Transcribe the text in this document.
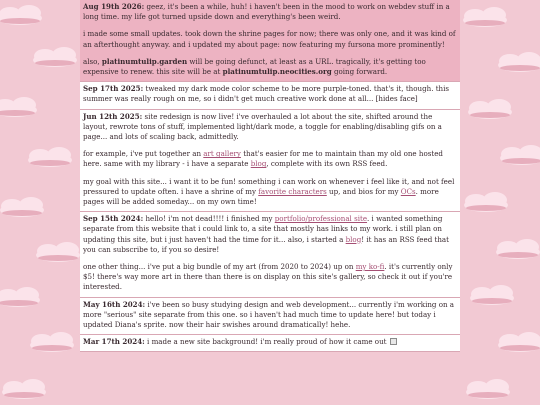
Aug 19th 2026: geez, it's been a while, huh! i haven't been in the mood to work on webdev stuff in a long time. my life got turned upside down and everything's been weird.

i made some small updates. took down the shrine pages for now; there was only one, and it was kind of an afterthought anyway. and i updated my about page: now featuring my fursona more prominently!

also, platinumtulip.garden will be going defunct, at least as a URL. tragically, it's getting too expensive to renew. this site will be at platinumtulip.neocities.org going forward.

Sep 17th 2025: tweaked my dark mode color scheme to be more purple-toned. that's it, though. this summer was really rough on me, so i didn't get much creative work done at all... [hides face]

Jun 12th 2025: site redesign is now live! i've overhauled a lot about the site, shifted around the layout, rewrote tons of stuff, implemented light/dark mode, a toggle for enabling/disabling gifs on a page... and lots of scaling back, admittedly.

for example, i've put together an art gallery that's easier for me to maintain than my old one hosted here. same with my library - i have a separate blog, complete with its own RSS feed.

my goal with this site... i want it to be fun! something i can work on whenever i feel like it, and not feel pressured to update often. i have a shrine of my favorite characters up, and bios for my OCs. more pages will be added someday... on my own time!

Sep 15th 2024: hello! i'm not dead!!!! i finished my portfolio/professional site. i wanted something separate from this website that i could link to, a site that mostly has links to my work. i still plan on updating this site, but i just haven't had the time for it... also, i started a blog! it has an RSS feed that you can subscribe to, if you so desire!

one other thing... i've put a big bundle of my art (from 2020 to 2024) up on my ko-fi. it's currently only $5! there's way more art in there than there is on display on this site's gallery, so check it out if you're interested.

May 16th 2024: i've been so busy studying design and web development... currently i'm working on a more "serious" site separate from this one. so i haven't had much time to update here! but today i updated Diana's sprite. now their hair swishes around dramatically! hehe.

Mar 17th 2024: i made a new site background! i'm really proud of how it came out
